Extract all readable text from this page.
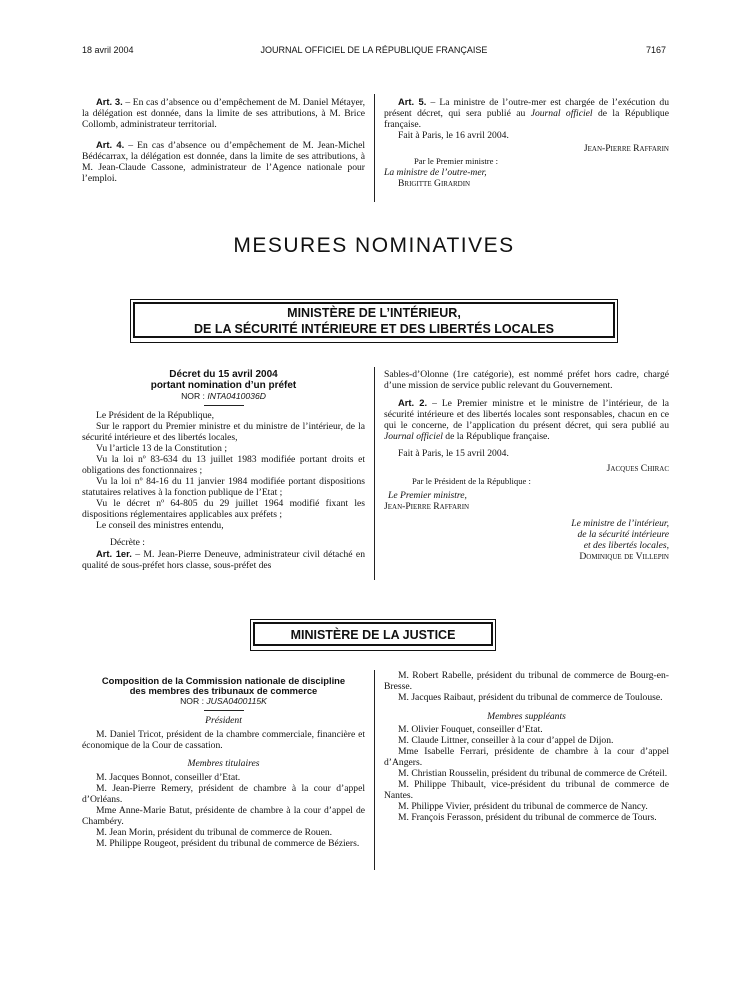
18 avril 2004	JOURNAL OFFICIEL DE LA RÉPUBLIQUE FRANÇAISE	7167

Art. 3. – En cas d’absence ou d’empêchement de M. Daniel Métayer, la délégation est donnée, dans la limite de ses attributions, à M. Brice Collomb, administrateur territorial.

Art. 4. – En cas d’absence ou d’empêchement de M. Jean-Michel Bédécarrax, la délégation est donnée, dans la limite de ses attributions, à M. Jean-Claude Cassone, administrateur de l’Agence nationale pour l’emploi.

Art. 5. – La ministre de l’outre-mer est chargée de l’exécution du présent décret, qui sera publié au Journal officiel de la République française.

Fait à Paris, le 16 avril 2004.

Jean-Pierre Raffarin

Par le Premier ministre :

La ministre de l’outre-mer,

Brigitte Girardin

MESURES NOMINATIVES
MINISTÈRE DE L’INTÉRIEUR,
DE LA SÉCURITÉ INTÉRIEURE ET DES LIBERTÉS LOCALES
Décret du 15 avril 2004
portant nomination d’un préfet
NOR : INTA0410036D

Le Président de la République,

Sur le rapport du Premier ministre et du ministre de l’intérieur, de la sécurité intérieure et des libertés locales,

Vu l’article 13 de la Constitution ;

Vu la loi nº 83-634 du 13 juillet 1983 modifiée portant droits et obligations des fonctionnaires ;

Vu la loi nº 84-16 du 11 janvier 1984 modifiée portant dispositions statutaires relatives à la fonction publique de l’Etat ;

Vu le décret nº 64-805 du 29 juillet 1964 modifié fixant les dispositions réglementaires applicables aux préfets ;

Le conseil des ministres entendu,

Décrète :

Art. 1er. – M. Jean-Pierre Deneuve, administrateur civil détaché en qualité de sous-préfet hors classe, sous-préfet des

Sables-d’Olonne (1re catégorie), est nommé préfet hors cadre, chargé d’une mission de service public relevant du Gouvernement.

Art. 2. – Le Premier ministre et le ministre de l’intérieur, de la sécurité intérieure et des libertés locales sont responsables, chacun en ce qui le concerne, de l’application du présent décret, qui sera publié au Journal officiel de la République française.

Fait à Paris, le 15 avril 2004.

Jacques Chirac

Par le Président de la République :

Le Premier ministre,

Jean-Pierre Raffarin

Le ministre de l’intérieur,
de la sécurité intérieure
et des libertés locales,
Dominique de Villepin
MINISTÈRE DE LA JUSTICE
Composition de la Commission nationale de discipline
des membres des tribunaux de commerce
NOR : JUSA0400115K

Président

M. Daniel Tricot, président de la chambre commerciale, financière et économique de la Cour de cassation.

Membres titulaires

M. Jacques Bonnot, conseiller d’Etat.

M. Jean-Pierre Remery, président de chambre à la cour d’appel d’Orléans.

Mme Anne-Marie Batut, présidente de chambre à la cour d’appel de Chambéry.

M. Jean Morin, président du tribunal de commerce de Rouen.

M. Philippe Rougeot, président du tribunal de commerce de Béziers.

M. Robert Rabelle, président du tribunal de commerce de Bourg-en-Bresse.

M. Jacques Raibaut, président du tribunal de commerce de Toulouse.

Membres suppléants

M. Olivier Fouquet, conseiller d’Etat.

M. Claude Littner, conseiller à la cour d’appel de Dijon.

Mme Isabelle Ferrari, présidente de chambre à la cour d’appel d’Angers.

M. Christian Rousselin, président du tribunal de commerce de Créteil.

M. Philippe Thibault, vice-président du tribunal de commerce de Nantes.

M. Philippe Vivier, président du tribunal de commerce de Nancy.

M. François Ferasson, président du tribunal de commerce de Tours.
